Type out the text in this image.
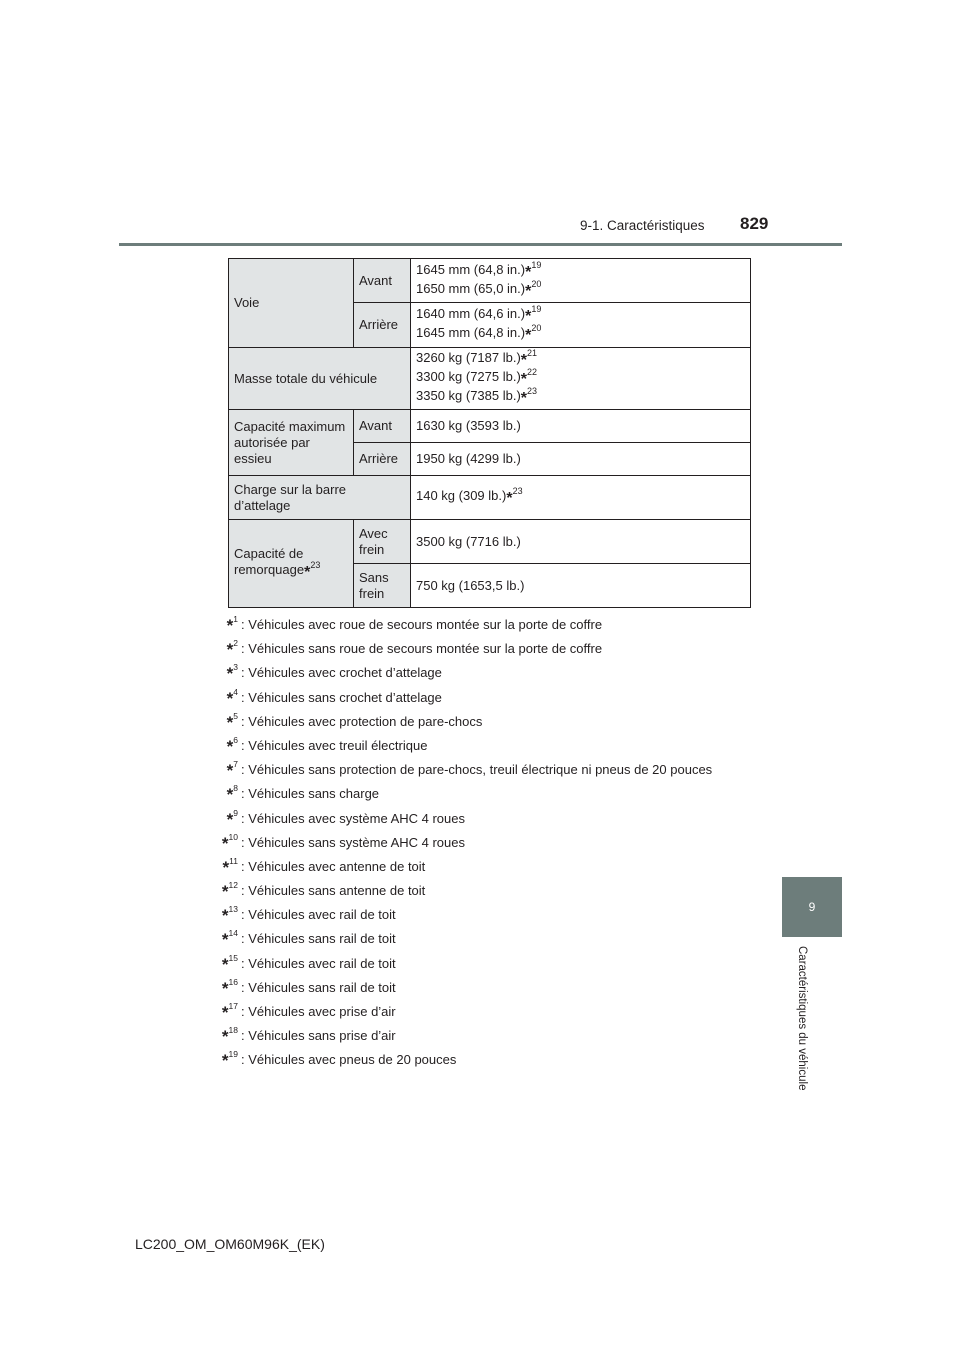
9-1. Caractéristiques 829
9
Caractéristiques du véhicule
Voie	Avant	1645 mm (64,8 in.)*$^{19}$
1650 mm (65,0 in.)*$^{20}$
	Arrière	1640 mm (64,6 in.)*$^{19}$
1645 mm (64,8 in.)*$^{20}$
Masse totale du véhicule		3260 kg (7187 lb.)*$^{21}$
3300 kg (7275 lb.)*$^{22}$
3350 kg (7385 lb.)*$^{23}$
Capacité maximum autorisée par essieu	Avant	1630 kg (3593 lb.)
	Arrière	1950 kg (4299 lb.)
Charge sur la barre d’attelage		140 kg (309 lb.)*$^{23}$
Capacité de remorquage*$^{23}$	Avec frein	3500 kg (7716 lb.)
	Sans frein	750 kg (1653,5 lb.)
*$^1$ : Véhicules avec roue de secours montée sur la porte de coffre
*$^2$ : Véhicules sans roue de secours montée sur la porte de coffre
*$^3$ : Véhicules avec crochet d’attelage
*$^4$ : Véhicules sans crochet d’attelage
*$^5$ : Véhicules avec protection de pare-chocs
*$^6$ : Véhicules avec treuil électrique
*$^7$ : Véhicules sans protection de pare-chocs, treuil électrique ni pneus de 20 pouces
*$^8$ : Véhicules sans charge
*$^9$ : Véhicules avec système AHC 4 roues
*$^{10}$ : Véhicules sans système AHC 4 roues
*$^{11}$ : Véhicules avec antenne de toit
*$^{12}$ : Véhicules sans antenne de toit
*$^{13}$ : Véhicules avec rail de toit
*$^{14}$ : Véhicules sans rail de toit
*$^{15}$ : Véhicules avec rail de toit
*$^{16}$ : Véhicules sans rail de toit
*$^{17}$ : Véhicules avec prise d’air
*$^{18}$ : Véhicules sans prise d’air
*$^{19}$ : Véhicules avec pneus de 20 pouces
LC200_OM_OM60M96K_(EK)
